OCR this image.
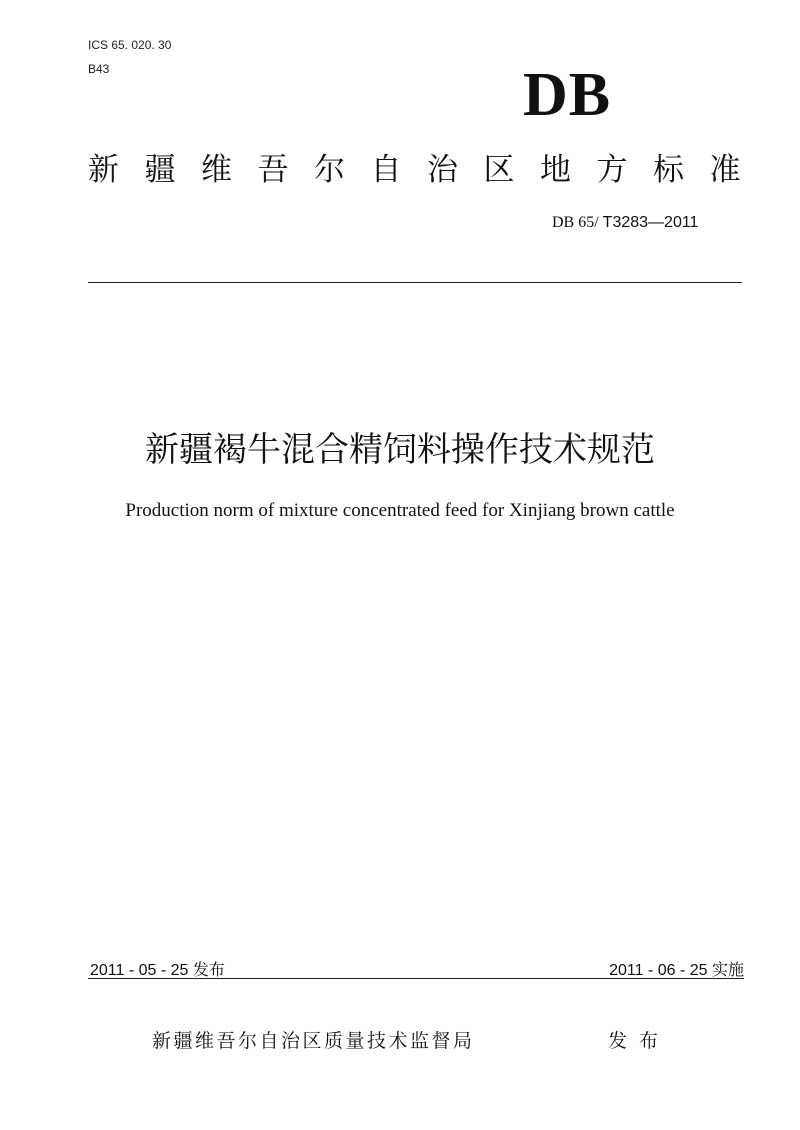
ICS 65. 020. 30
B43	DB
新疆维吾尔自治区地方标准
DB 65/ T3283—2011
新疆褐牛混合精饲料操作技术规范
Production norm of mixture concentrated feed for Xinjiang brown cattle
2011 - 05 - 25 发布	2011 - 06 - 25 实施
新疆维吾尔自治区质量技术监督局	发布
